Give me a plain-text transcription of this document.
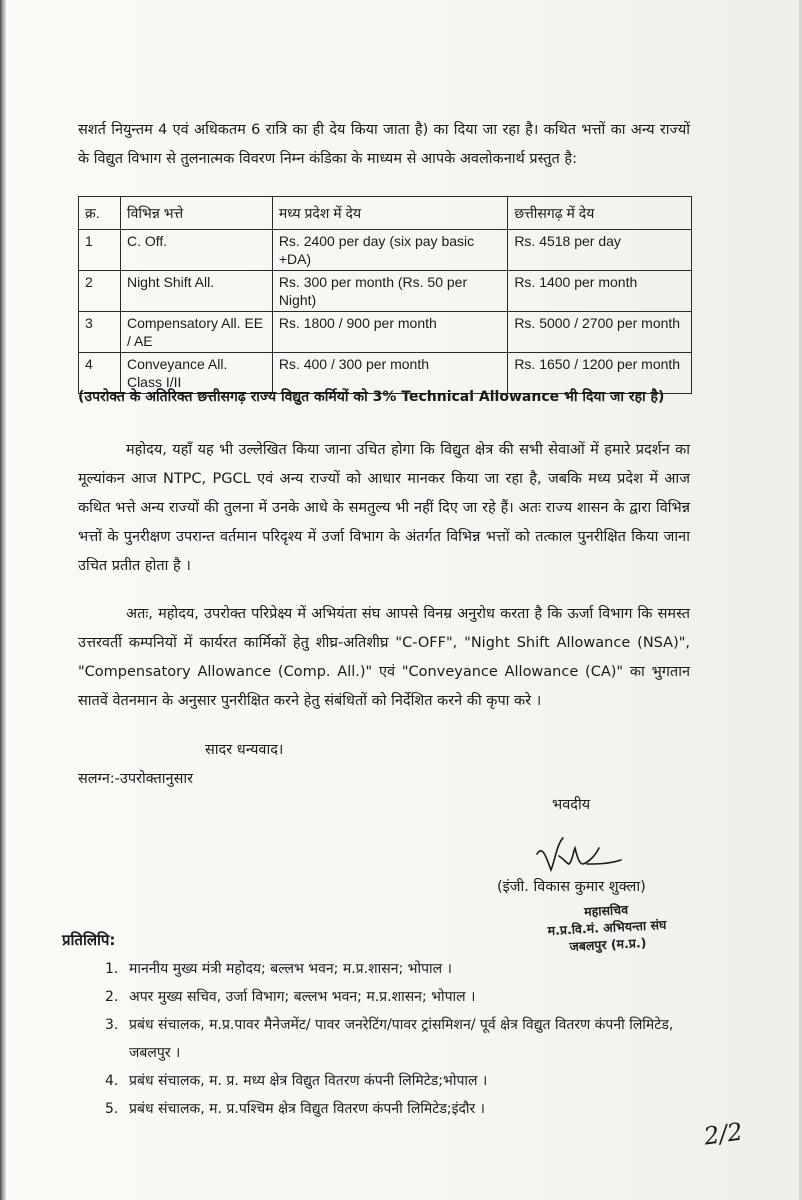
सशर्त नियुन्तम 4 एवं अधिकतम 6 रात्रि का ही देय किया जाता है) का दिया जा रहा है। कथित भत्तों का अन्य राज्यों के विद्युत विभाग से तुलनात्मक विवरण निम्न कंडिका के माध्यम से आपके अवलोकनार्थ प्रस्तुत है:
क्र.	विभिन्न भत्ते	मध्य प्रदेश में देय	छत्तीसगढ़ में देय
1	C. Off.	Rs. 2400 per day (six pay basic +DA)	Rs. 4518 per day
2	Night Shift All.	Rs. 300 per month (Rs. 50 per Night)	Rs. 1400 per month
3	Compensatory All. EE / AE	Rs. 1800 / 900 per month	Rs. 5000 / 2700 per month
4	Conveyance All. Class I/II	Rs. 400 / 300 per month	Rs. 1650 / 1200 per month
(उपरोक्त के अतिरिक्त छत्तीसगढ़ राज्य विद्युत कर्मियों को 3% Technical Allowance भी दिया जा रहा है)
महोदय, यहाँ यह भी उल्लेखित किया जाना उचित होगा कि विद्युत क्षेत्र की सभी सेवाओं में हमारे प्रदर्शन का मूल्यांकन आज NTPC, PGCL एवं अन्य राज्यों को आधार मानकर किया जा रहा है, जबकि मध्य प्रदेश में आज कथित भत्ते अन्य राज्यों की तुलना में उनके आधे के समतुल्य भी नहीं दिए जा रहे हैं। अतः राज्य शासन के द्वारा विभिन्न भत्तों के पुनरीक्षण उपरान्त वर्तमान परिदृश्य में उर्जा विभाग के अंतर्गत विभिन्न भत्तों को तत्काल पुनरीक्षित किया जाना उचित प्रतीत होता है ।
अतः, महोदय, उपरोक्त परिप्रेक्ष्य में अभियंता संघ आपसे विनम्र अनुरोध करता है कि ऊर्जा विभाग कि समस्त उत्तरवर्ती कम्पनियों में कार्यरत कार्मिकों हेतु शीघ्र-अतिशीघ्र "C-OFF", "Night Shift Allowance (NSA)", "Compensatory Allowance (Comp. All.)" एवं "Conveyance Allowance (CA)" का भुगतान सातवें वेतनमान के अनुसार पुनरीक्षित करने हेतु संबंधितों को निर्देशित करने की कृपा करे ।
सादर धन्यवाद।
सलग्न:-उपरोक्तानुसार
भवदीय
(इंजी. विकास कुमार शुक्ला)
महासचिव
म.प्र.वि.मं. अभियन्ता संघ
जबलपुर (म.प्र.)
प्रतिलिपि:
1. माननीय मुख्य मंत्री महोदय; बल्लभ भवन; म.प्र.शासन; भोपाल ।
2. अपर मुख्य सचिव, उर्जा विभाग; बल्लभ भवन; म.प्र.शासन; भोपाल ।
3. प्रबंध संचालक, म.प्र.पावर मैनेजमेंट/ पावर जनरेटिंग/पावर ट्रांसमिशन/ पूर्व क्षेत्र विद्युत वितरण कंपनी लिमिटेड, जबलपुर ।
4. प्रबंध संचालक, म. प्र. मध्य क्षेत्र विद्युत वितरण कंपनी लिमिटेड;भोपाल ।
5. प्रबंध संचालक, म. प्र.पश्चिम क्षेत्र विद्युत वितरण कंपनी लिमिटेड;इंदौर ।
2/2
